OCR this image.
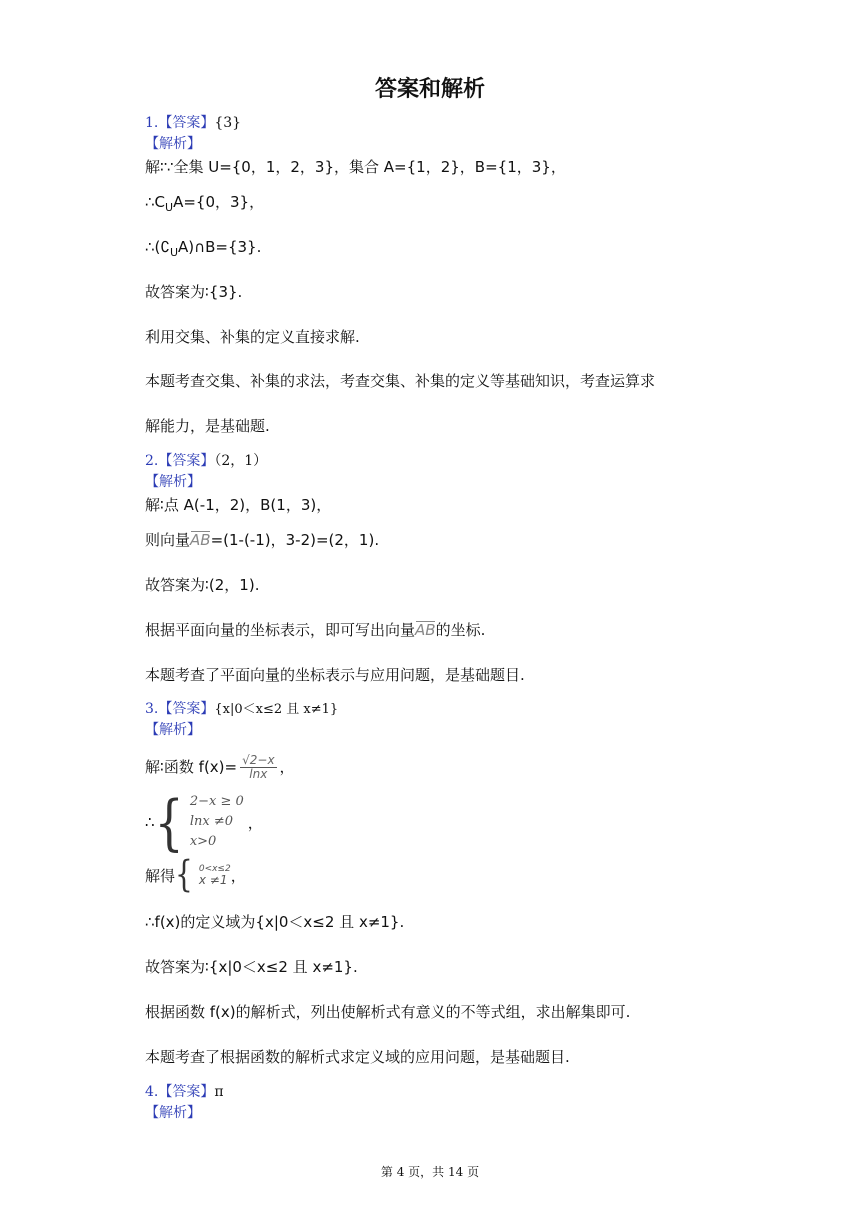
答案和解析
1.【答案】{3}
【解析】
解∶∵全集 U={0，1，2，3}，集合 A={1，2}，B={1，3}，
$\therefore C_UA=\{0$，3}，
$\therefore(∁_UA)\cap B=\{3\}$.
故答案为∶{3}.
利用交集、补集的定义直接求解.
本题考查交集、补集的求法，考查交集、补集的定义等基础知识，考查运算求
解能力，是基础题.
2.【答案】（2，1）
【解析】
解∶点 A(-1，2)，B(1，3)，
则向量AB=(1-(-1)，3-2)=(2，1).
故答案为∶(2，1).
根据平面向量的坐标表示，即可写出向量AB的坐标.
本题考查了平面向量的坐标表示与应用问题，是基础题目.
3.【答案】{x|0＜x≤2 且 x≠1}
【解析】
解∶函数 $f(x)= \frac{√2-x}{\ln x}$ ，
∴ { 2−x ≥ 0
lnx ≠0
x>0
，
解得 { 0<x≤2
x ≠1 ，
∴f(x)的定义域为{x|0＜x≤2 且 x≠1}.
故答案为∶{x|0＜x≤2 且 x≠1}.
根据函数 f(x)的解析式，列出使解析式有意义的不等式组，求出解集即可.
本题考查了根据函数的解析式求定义域的应用问题，是基础题目.
4.【答案】π
【解析】
第 4 页，共 14 页
